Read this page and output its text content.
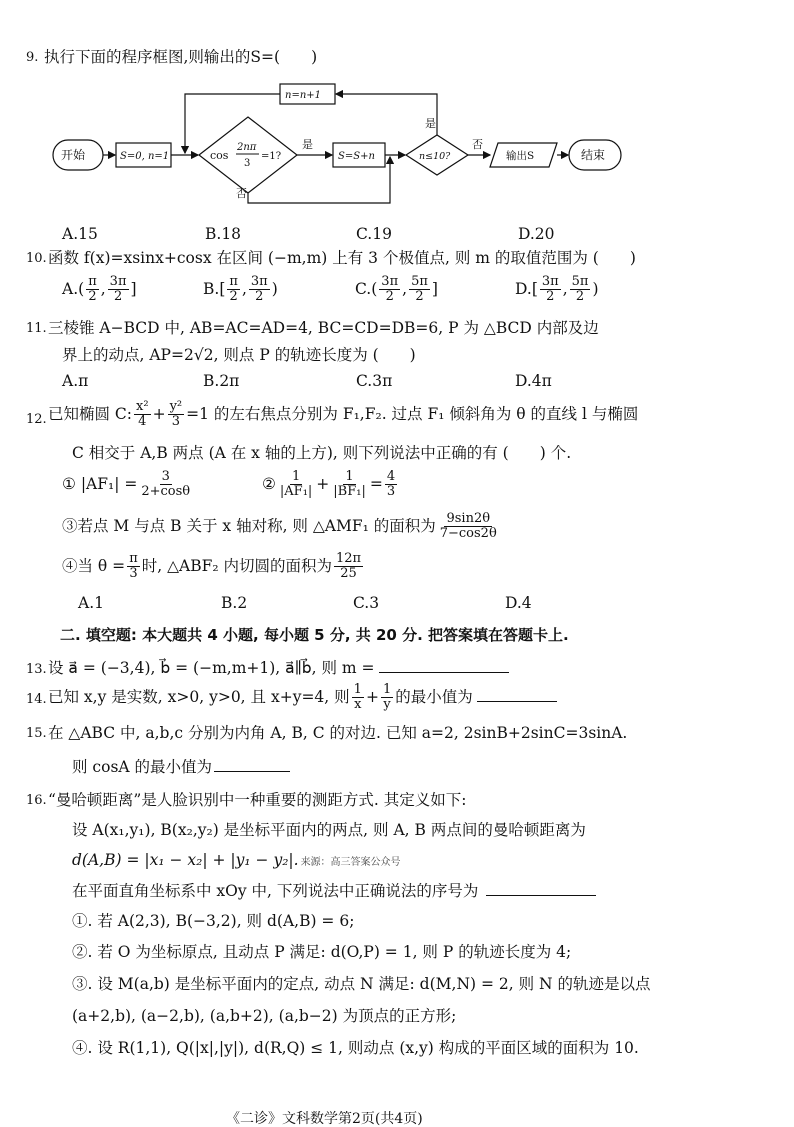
9. 执行下面的程序框图,则输出的S=(　　)
开始	S=0, n=1	cos
2nπ
3
=1?
是
否
S=S+n	n≤10?
是
否
输出S	结束
n=n+1
A.15	B.18	C.19	D.20
10. 函数 f(x)=xsinx+cosx 在区间 (−m,m) 上有 3 个极值点, 则 m 的取值范围为 (　　)
$A.( \frac{\pi}{2}$ , $\frac{3\pi}{2}$ ]	$B.[ \frac{\pi}{2}$ , $\frac{3\pi}{2}$ )	$C.( \frac{3\pi}{2}$ , $\frac{5\pi}{2}$ ]	$D.[ \frac{3\pi}{2}$ , $\frac{5\pi}{2}$ )
11. 三棱锥 A−BCD 中, AB=AC=AD=4, BC=CD=DB=6, P 为 △BCD 内部及边
界上的动点, AP=2√2, 则点 P 的轨迹长度为 (　　)
A.π	B.2π	C.3π	D.4π
12. 已知椭圆 C: $\frac{\text{x²}}{4} + \frac{\text{y²}}{3} =1$ 的左右焦点分别为 F₁,F₂. 过点 F₁ 倾斜角为 θ 的直线 l 与椭圆
C 相交于 A,B 两点 (A 在 x 轴的上方), 则下列说法中正确的有 (　　) 个.
① $|AF_1| = \frac{3}{2+\cos\theta}$	② $\frac{1}{\text{|AF₁|}} + \frac{1}{\text{|BF₁|}} = \frac{4}{3}$
③若点 M 与点 B 关于 x 轴对称, 则 △AMF₁ 的面积为 $\frac{9\sin 2\theta}{7-\cos 2\theta}$
④当 $\theta = \frac{\pi}{3}$ 时, △ABF₂ 内切圆的面积为 $\frac{12\pi}{25}$
A.1	B.2	C.3	D.4
二. 填空题: 本大题共 4 小题, 每小题 5 分, 共 20 分. 把答案填在答题卡上.
13. 设 a⃗ = (−3,4), b⃗ = (−m,m+1), a⃗∥b⃗, 则 m =
14. 已知 x,y 是实数, x>0, y>0, 且 x+y=4, 则 $\frac{1}{x} + \frac{1}{y}$ 的最小值为
15. 在 △ABC 中, a,b,c 分别为内角 A, B, C 的对边. 已知 a=2, 2sinB+2sinC=3sinA.
则 cosA 的最小值为
16. “曼哈顿距离”是人脸识别中一种重要的测距方式. 其定义如下:
设 A(x₁,y₁), B(x₂,y₂) 是坐标平面内的两点, 则 A, B 两点间的曼哈顿距离为
d(A,B) = |x₁ − x₂| + |y₁ − y₂|. 来源：高三答案公众号
在平面直角坐标系中 xOy 中, 下列说法中正确说法的序号为
①. 若 A(2,3), B(−3,2), 则 d(A,B) = 6;
②. 若 O 为坐标原点, 且动点 P 满足: d(O,P) = 1, 则 P 的轨迹长度为 4;
③. 设 M(a,b) 是坐标平面内的定点, 动点 N 满足: d(M,N) = 2, 则 N 的轨迹是以点
(a+2,b), (a−2,b), (a,b+2), (a,b−2) 为顶点的正方形;
④. 设 R(1,1), Q(|x|,|y|), d(R,Q) ≤ 1, 则动点 (x,y) 构成的平面区域的面积为 10.
《二诊》文科数学第2页(共4页)
